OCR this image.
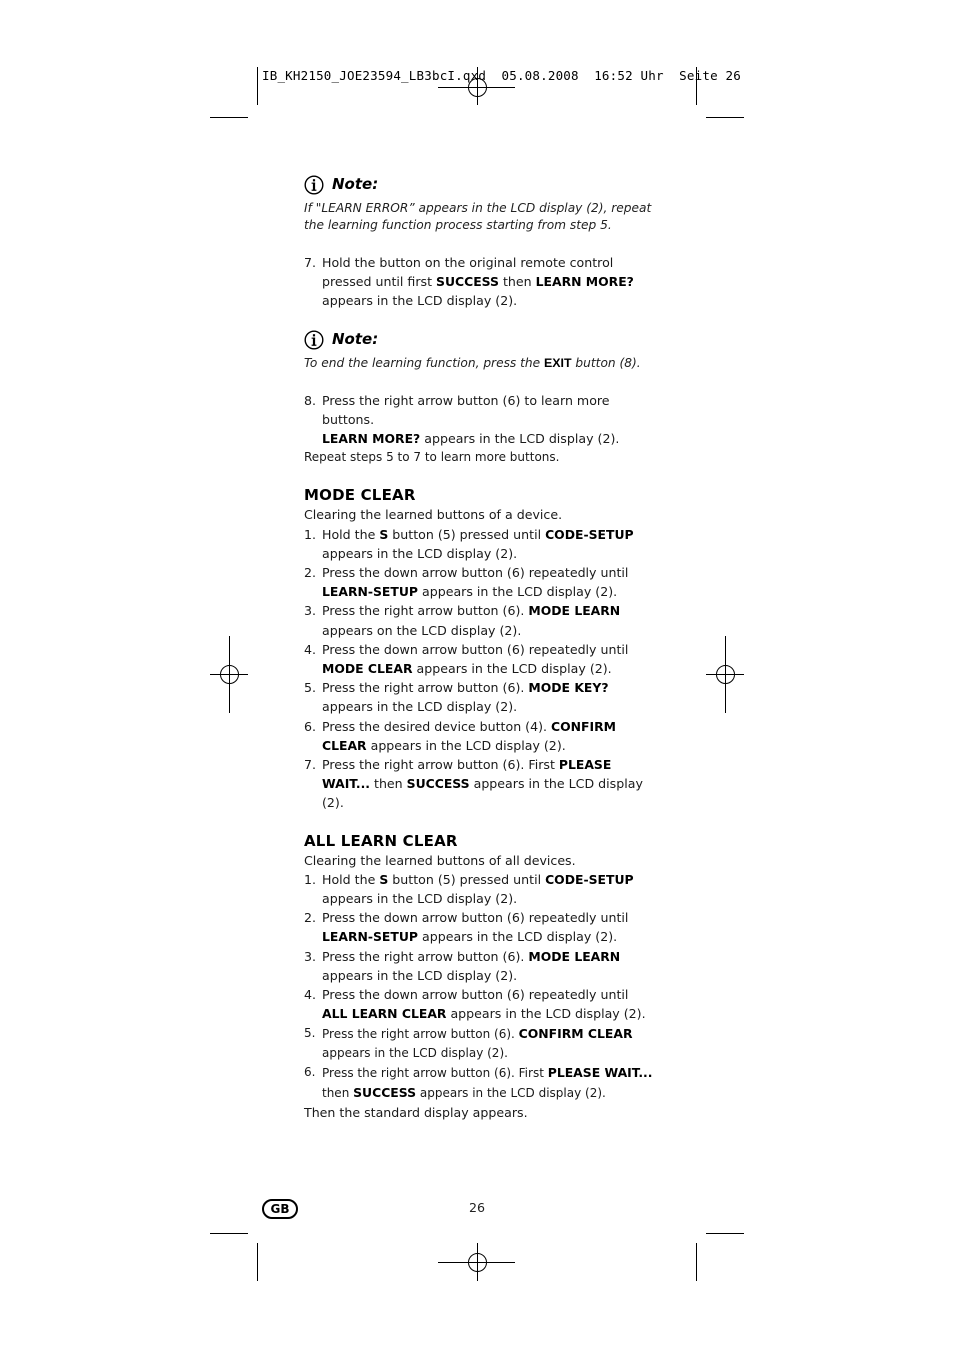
IB_KH2150_JOE23594_LB3bcI.qxd  05.08.2008  16:52 Uhr  Seite 26
Note:
If "LEARN ERROR” appears in the LCD display (2), repeat the learning function process starting from step 5.
7. Hold the button on the original remote control pressed until first SUCCESS then LEARN MORE? appears in the LCD display (2).
Note:
To end the learning function, press the EXIT button (8).
8. Press the right arrow button (6) to learn more buttons.
LEARN MORE? appears in the LCD display (2).
Repeat steps 5 to 7 to learn more buttons.
MODE CLEAR
Clearing the learned buttons of a device.
1. Hold the S button (5) pressed until CODE-SETUP appears in the LCD display (2).
2. Press the down arrow button (6) repeatedly until LEARN-SETUP appears in the LCD display (2).
3. Press the right arrow button (6). MODE LEARN appears on the LCD display (2).
4. Press the down arrow button (6) repeatedly until MODE CLEAR appears in the LCD display (2).
5. Press the right arrow button (6). MODE KEY? appears in the LCD display (2).
6. Press the desired device button (4). CONFIRM CLEAR appears in the LCD display (2).
7. Press the right arrow button (6). First PLEASE WAIT... then SUCCESS appears in the LCD display (2).
ALL LEARN CLEAR
Clearing the learned buttons of all devices.
1. Hold the S button (5) pressed until CODE-SETUP appears in the LCD display (2).
2. Press the down arrow button (6) repeatedly until LEARN-SETUP appears in the LCD display (2).
3. Press the right arrow button (6). MODE LEARN appears in the LCD display (2).
4. Press the down arrow button (6) repeatedly until ALL LEARN CLEAR appears in the LCD display (2).
5. Press the right arrow button (6). CONFIRM CLEAR appears in the LCD display (2).
6. Press the right arrow button (6). First PLEASE WAIT... then SUCCESS appears in the LCD display (2).
Then the standard display appears.
GB	26
